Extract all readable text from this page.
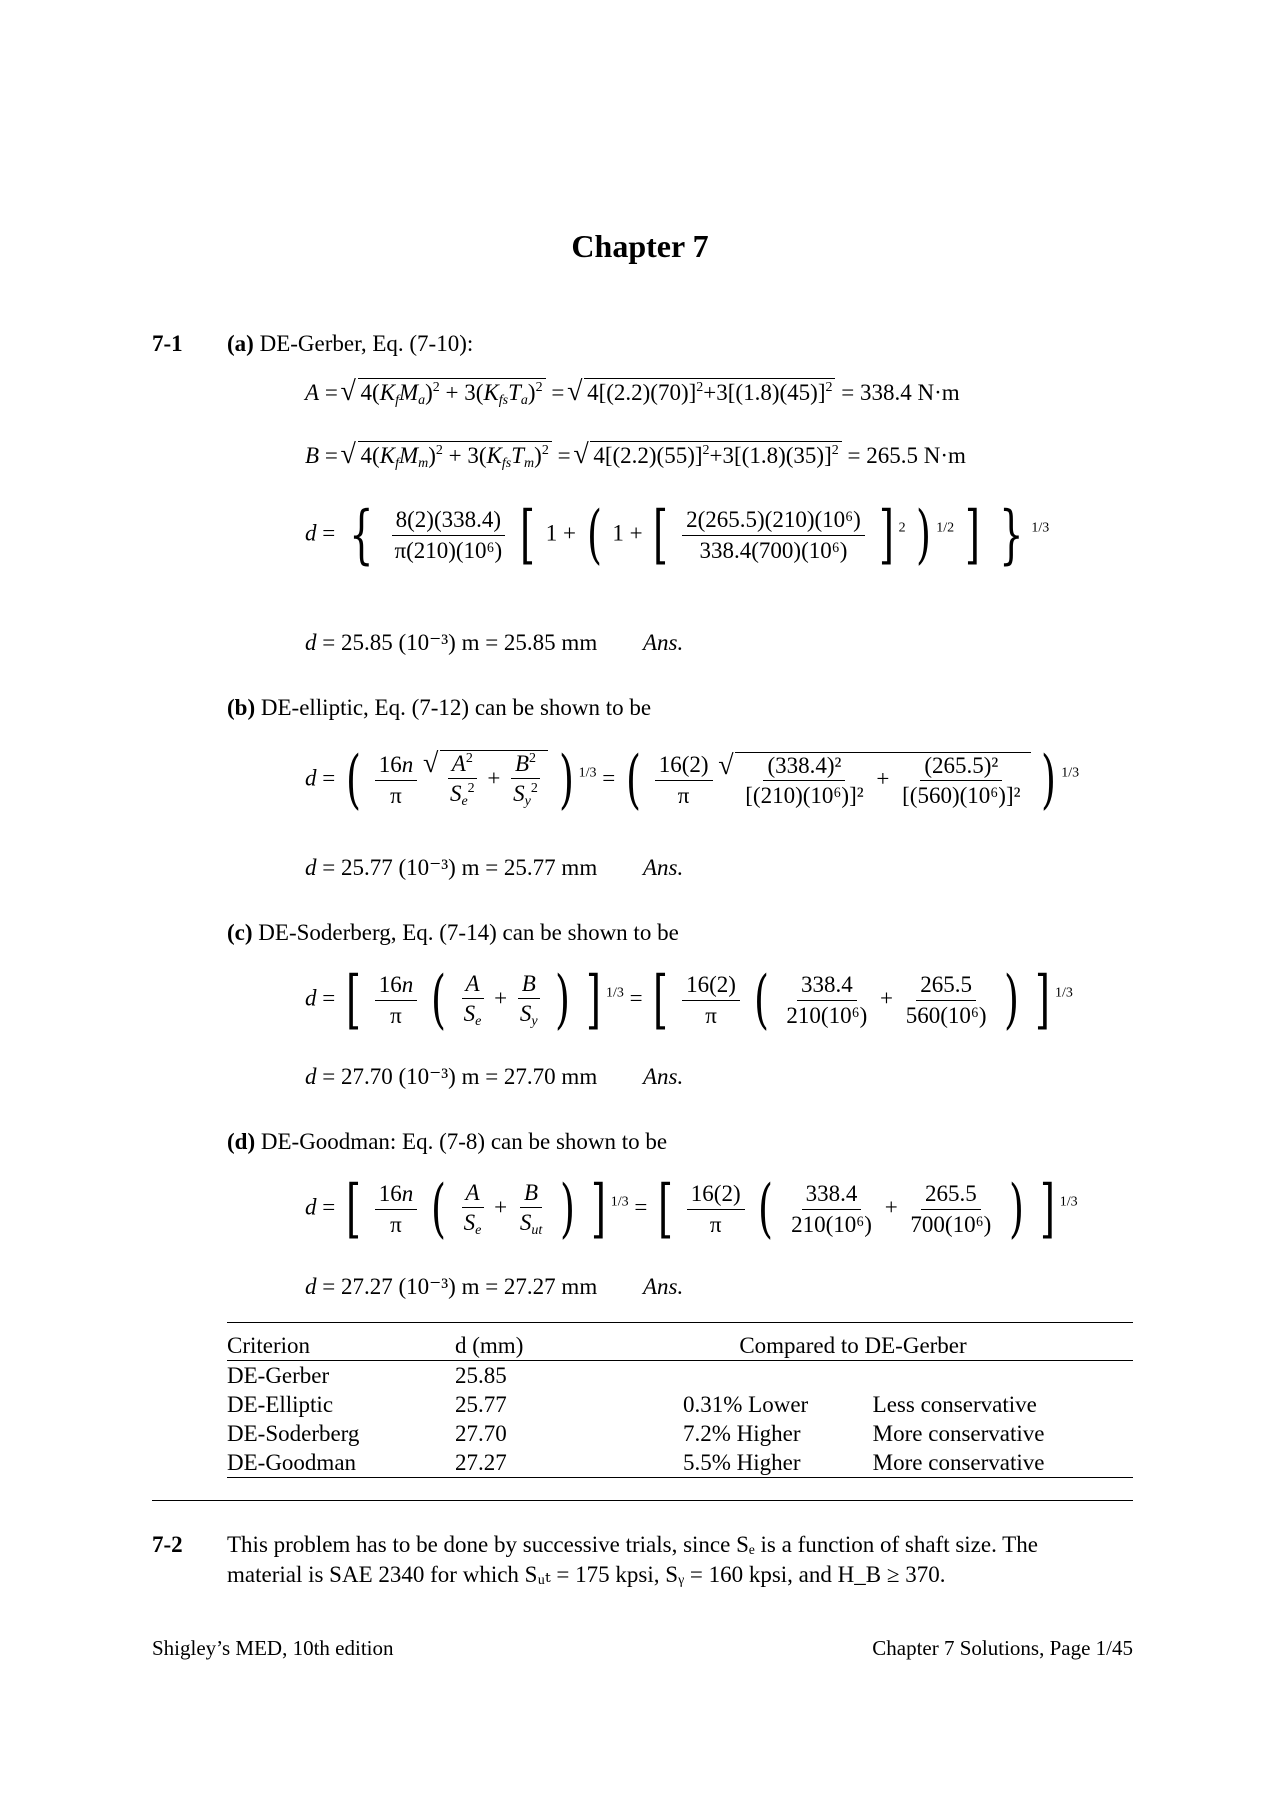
Chapter 7
7-1 (a) DE-Gerber, Eq. (7-10):
A = √ $4(K_fM_a)^2 + 3(K_{fs}T_a)^2$ = √ $4[(2.2)(70)]^2+3[(1.8)(45)]^2 = 338.4$ N·m
B = √ $4(K_fM_m)^2 + 3(K_{fs}T_m)^2$ = √ $4[(2.2)(55)]^2+3[(1.8)(35)]^2 = 265.5$ N·m
d = { $\frac{8(2)(338.4)}{\text{π(210)(10⁶)}}$ [ 1 + ( 1 + [ $\frac{\text{2(265.5)(210)(10⁶)}}{\text{338.4(700)(10⁶)}}$ ] $^2$ ) $^{1/2}$ ] } $^{1/3}$
d = 25.85 (10⁻³) m = 25.85 mm Ans.
(b) DE-elliptic, Eq. (7-12) can be shown to be
d = ( $\frac{16n}{\pi}$
√ $\frac{A^2}{S_e^2} + \frac{B^2}{S_y^2}$ ) $^{1/3}$ = ( $\frac{16(2)}{\pi}$
√ $\frac{\text{(338.4)²}}{\text{[(210)(10⁶)]²}} + \frac{\text{(265.5)²}}{\text{[(560)(10⁶)]²}}$ ) $^{1/3}$
d = 25.77 (10⁻³) m = 25.77 mm Ans.
(c) DE-Soderberg, Eq. (7-14) can be shown to be
d = [ $\frac{16n}{\pi}$ ( $\frac{A}{S_e} + \frac{B}{S_y}$ ) ] $^{1/3}$ = [ $\frac{16(2)}{\pi}$ ( $\frac{338.4}{\text{210(10⁶)}} + \frac{265.5}{\text{560(10⁶)}}$ ) ] $^{1/3}$
d = 27.70 (10⁻³) m = 27.70 mm Ans.
(d) DE-Goodman: Eq. (7-8) can be shown to be
d = [ $\frac{16n}{\pi}$ ( $\frac{A}{S_e} + \frac{B}{S_{ut}}$ ) ] $^{1/3}$ = [ $\frac{16(2)}{\pi}$ ( $\frac{338.4}{\text{210(10⁶)}} + \frac{265.5}{\text{700(10⁶)}}$ ) ] $^{1/3}$
d = 27.27 (10⁻³) m = 27.27 mm Ans.
Criterion	d (mm)	Compared to DE-Gerber	
DE-Gerber	25.85		
DE-Elliptic	25.77	0.31% Lower	Less conservative
DE-Soderberg	27.70	7.2% Higher	More conservative
DE-Goodman	27.27	5.5% Higher	More conservative
7-2 This problem has to be done by successive trials, since Sₑ is a function of shaft size. The
material is SAE 2340 for which Sᵤₜ = 175 kpsi, Sᵧ = 160 kpsi, and H_B ≥ 370.
Shigley’s MED, 10th edition	Chapter 7 Solutions, Page 1/45
